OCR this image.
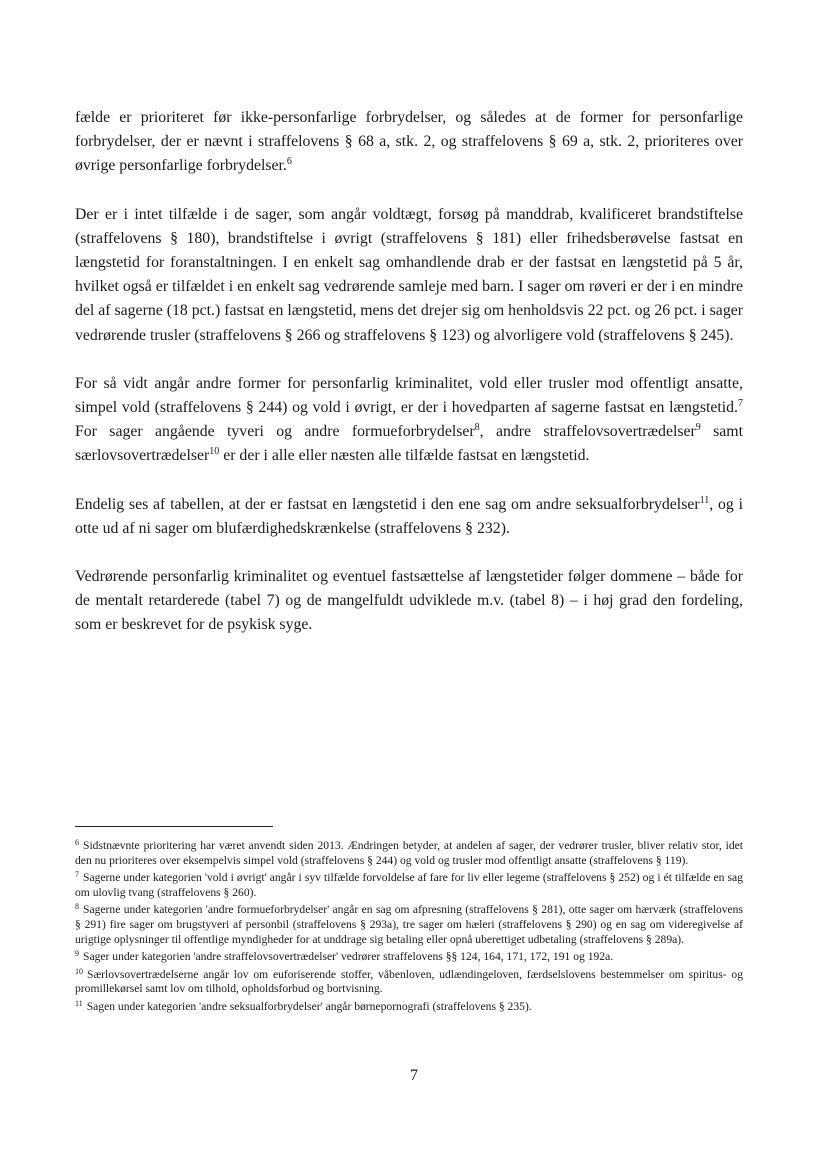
fælde er prioriteret før ikke-personfarlige forbrydelser, og således at de former for personfarlige forbrydelser, der er nævnt i straffelovens § 68 a, stk. 2, og straffelovens § 69 a, stk. 2, prioriteres over øvrige personfarlige forbrydelser.$^6$

Der er i intet tilfælde i de sager, som angår voldtægt, forsøg på manddrab, kvalificeret brandstiftelse (straffelovens § 180), brandstiftelse i øvrigt (straffelovens § 181) eller frihedsberøvelse fastsat en længstetid for foranstaltningen. I en enkelt sag omhandlende drab er der fastsat en længstetid på 5 år, hvilket også er tilfældet i en enkelt sag vedrørende samleje med barn. I sager om røveri er der i en mindre del af sagerne (18 pct.) fastsat en længstetid, mens det drejer sig om henholdsvis 22 pct. og 26 pct. i sager vedrørende trusler (straffelovens § 266 og straffelovens § 123) og alvorligere vold (straffelovens § 245).

For så vidt angår andre former for personfarlig kriminalitet, vold eller trusler mod offentligt ansatte, simpel vold (straffelovens § 244) og vold i øvrigt, er der i hovedparten af sagerne fastsat en længstetid.$^7$ For sager angående tyveri og andre formueforbrydelser$^8$, andre straffelovsovertrædelser$^9$ samt særlovsovertrædelser$^{10}$ er der i alle eller næsten alle tilfælde fastsat en længstetid.

Endelig ses af tabellen, at der er fastsat en længstetid i den ene sag om andre seksualforbrydelser$^{11}$, og i otte ud af ni sager om blufærdighedskrænkelse (straffelovens § 232).

Vedrørende personfarlig kriminalitet og eventuel fastsættelse af længstetider følger dommene – både for de mentalt retarderede (tabel 7) og de mangelfuldt udviklede m.v. (tabel 8) – i høj grad den fordeling, som er beskrevet for de psykisk syge.

$^6$ Sidstnævnte prioritering har været anvendt siden 2013. Ændringen betyder, at andelen af sager, der vedrører trusler, bliver relativ stor, idet den nu prioriteres over eksempelvis simpel vold (straffelovens § 244) og vold og trusler mod offentligt ansatte (straffelovens § 119).

$^7$ Sagerne under kategorien 'vold i øvrigt' angår i syv tilfælde forvoldelse af fare for liv eller legeme (straffelovens § 252) og i ét tilfælde en sag om ulovlig tvang (straffelovens § 260).

$^8$ Sagerne under kategorien 'andre formueforbrydelser' angår en sag om afpresning (straffelovens § 281), otte sager om hærværk (straffelovens § 291) fire sager om brugstyveri af personbil (straffelovens § 293a), tre sager om hæleri (straffelovens § 290) og en sag om videregivelse af urigtige oplysninger til offentlige myndigheder for at unddrage sig betaling eller opnå uberettiget udbetaling (straffelovens § 289a).

$^9$ Sager under kategorien 'andre straffelovsovertrædelser' vedrører straffelovens §§ 124, 164, 171, 172, 191 og 192a.

$^{10}$ Særlovsovertrædelserne angår lov om euforiserende stoffer, våbenloven, udlændingeloven, færdselslovens bestemmelser om spiritus- og promillekørsel samt lov om tilhold, opholdsforbud og bortvisning.

$^{11}$ Sagen under kategorien 'andre seksualforbrydelser' angår børnepornografi (straffelovens § 235).

7
